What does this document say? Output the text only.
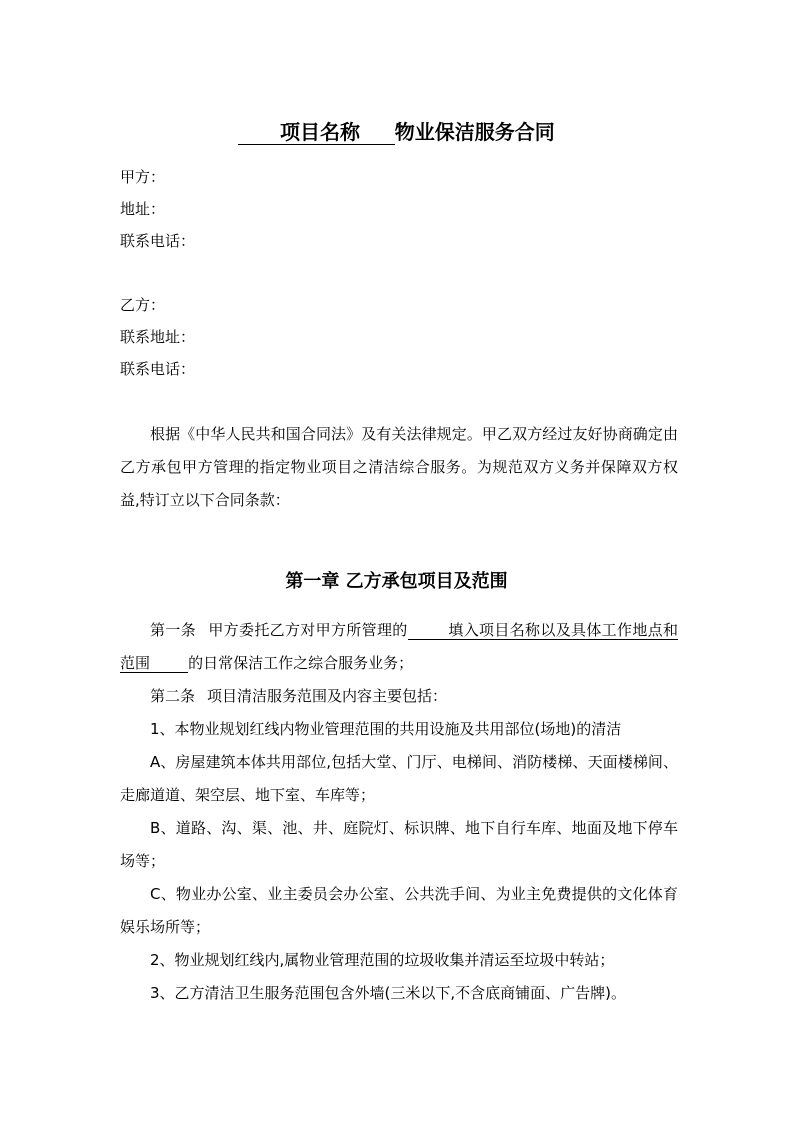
项目名称 物业保洁服务合同
甲方：
地址：
联系电话：
乙方：
联系地址：
联系电话：
根据《中华人民共和国合同法》及有关法律规定。甲乙双方经过友好协商确定由乙方承包甲方管理的指定物业项目之清洁综合服务。为规范双方义务并保障双方权益,特订立以下合同条款：
第一章 乙方承包项目及范围
第一条 甲方委托乙方对甲方所管理的	填入项目名称以及具体工作地点和范围	的日常保洁工作之综合服务业务；
第二条 项目清洁服务范围及内容主要包括：
1、本物业规划红线内物业管理范围的共用设施及共用部位(场地)的清洁
A、房屋建筑本体共用部位,包括大堂、门厅、电梯间、消防楼梯、天面楼梯间、走廊道道、架空层、地下室、车库等；
B、道路、沟、渠、池、井、庭院灯、标识牌、地下自行车库、地面及地下停车场等；
C、物业办公室、业主委员会办公室、公共洗手间、为业主免费提供的文化体育娱乐场所等；
2、物业规划红线内,属物业管理范围的垃圾收集并清运至垃圾中转站；
3、乙方清洁卫生服务范围包含外墙(三米以下,不含底商铺面、广告牌)。
